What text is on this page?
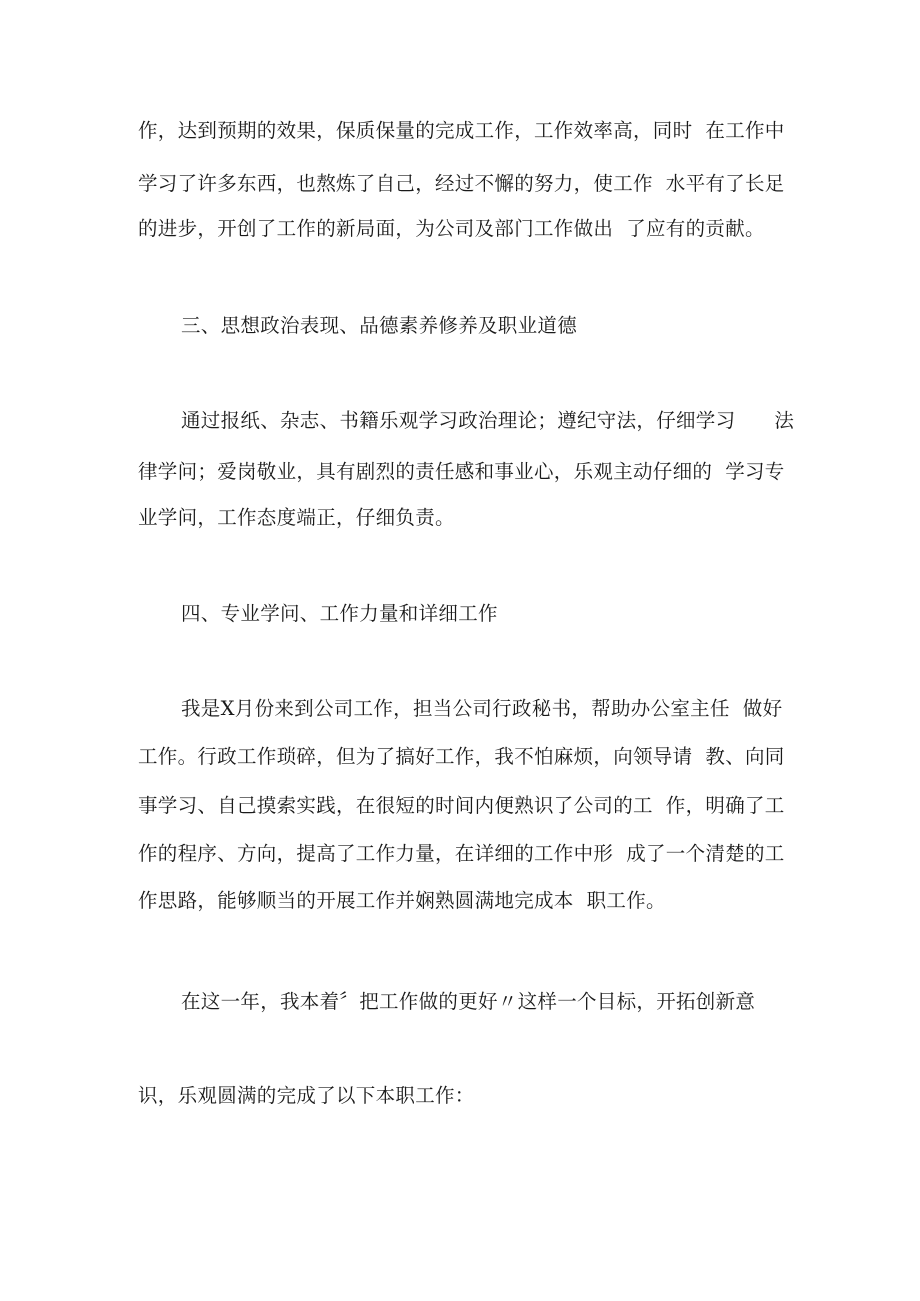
作，达到预期的效果，保质保量的完成工作，工作效率高，同时  在工作中
学习了许多东西，也熬炼了自己，经过不懈的努力，使工作  水平有了长足
的进步，开创了工作的新局面，为公司及部门工作做出  了应有的贡献。
三、思想政治表现、品德素养修养及职业道德
通过报纸、杂志、书籍乐观学习政治理论；遵纪守法，仔细学习      法
律学问；爱岗敬业，具有剧烈的责任感和事业心，乐观主动仔细的  学习专
业学问，工作态度端正，仔细负责。
四、专业学问、工作力量和详细工作
我是X月份来到公司工作，担当公司行政秘书，帮助办公室主任  做好
工作。行政工作琐碎，但为了搞好工作，我不怕麻烦，向领导请  教、向同
事学习、自己摸索实践，在很短的时间内便熟识了公司的工  作，明确了工
作的程序、方向，提高了工作力量，在详细的工作中形  成了一个清楚的工
作思路，能够顺当的开展工作并娴熟圆满地完成本  职工作。
在这一年，我本着〞把工作做的更好〃这样一个目标，开拓创新意
识，乐观圆满的完成了以下本职工作：
